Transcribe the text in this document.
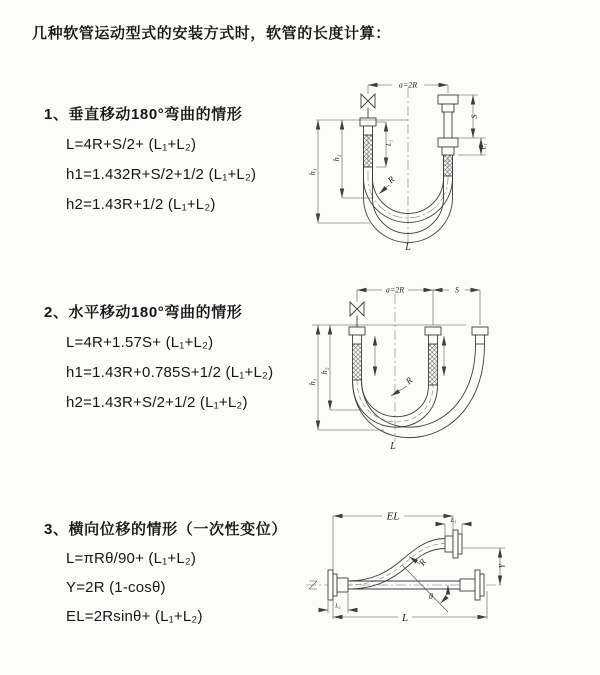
几种软管运动型式的安装方式时，软管的长度计算：
1、垂直移动180°弯曲的情形
L=4R+S/2+ (L₁+L₂)
h1=1.432R+S/2+1/2 (L₁+L₂)
h2=1.43R+1/2 (L₁+L₂)
2、水平移动180°弯曲的情形
L=4R+1.57S+ (L₁+L₂)
h1=1.43R+0.785S+1/2 (L₁+L₂)
h2=1.43R+S/2+1/2 (L₁+L₂)
3、横向位移的情形（一次性变位）
L=πRθ/90+ (L₁+L₂)
Y=2R (1-cosθ)
EL=2Rsinθ+ (L₁+L₂)
a=2R
S
L₁
L₁
h₁
h₂
R
L
a=2R	S
h₁
h₂
R
L
EL	L₁
Y
R
θ
L
L₁
